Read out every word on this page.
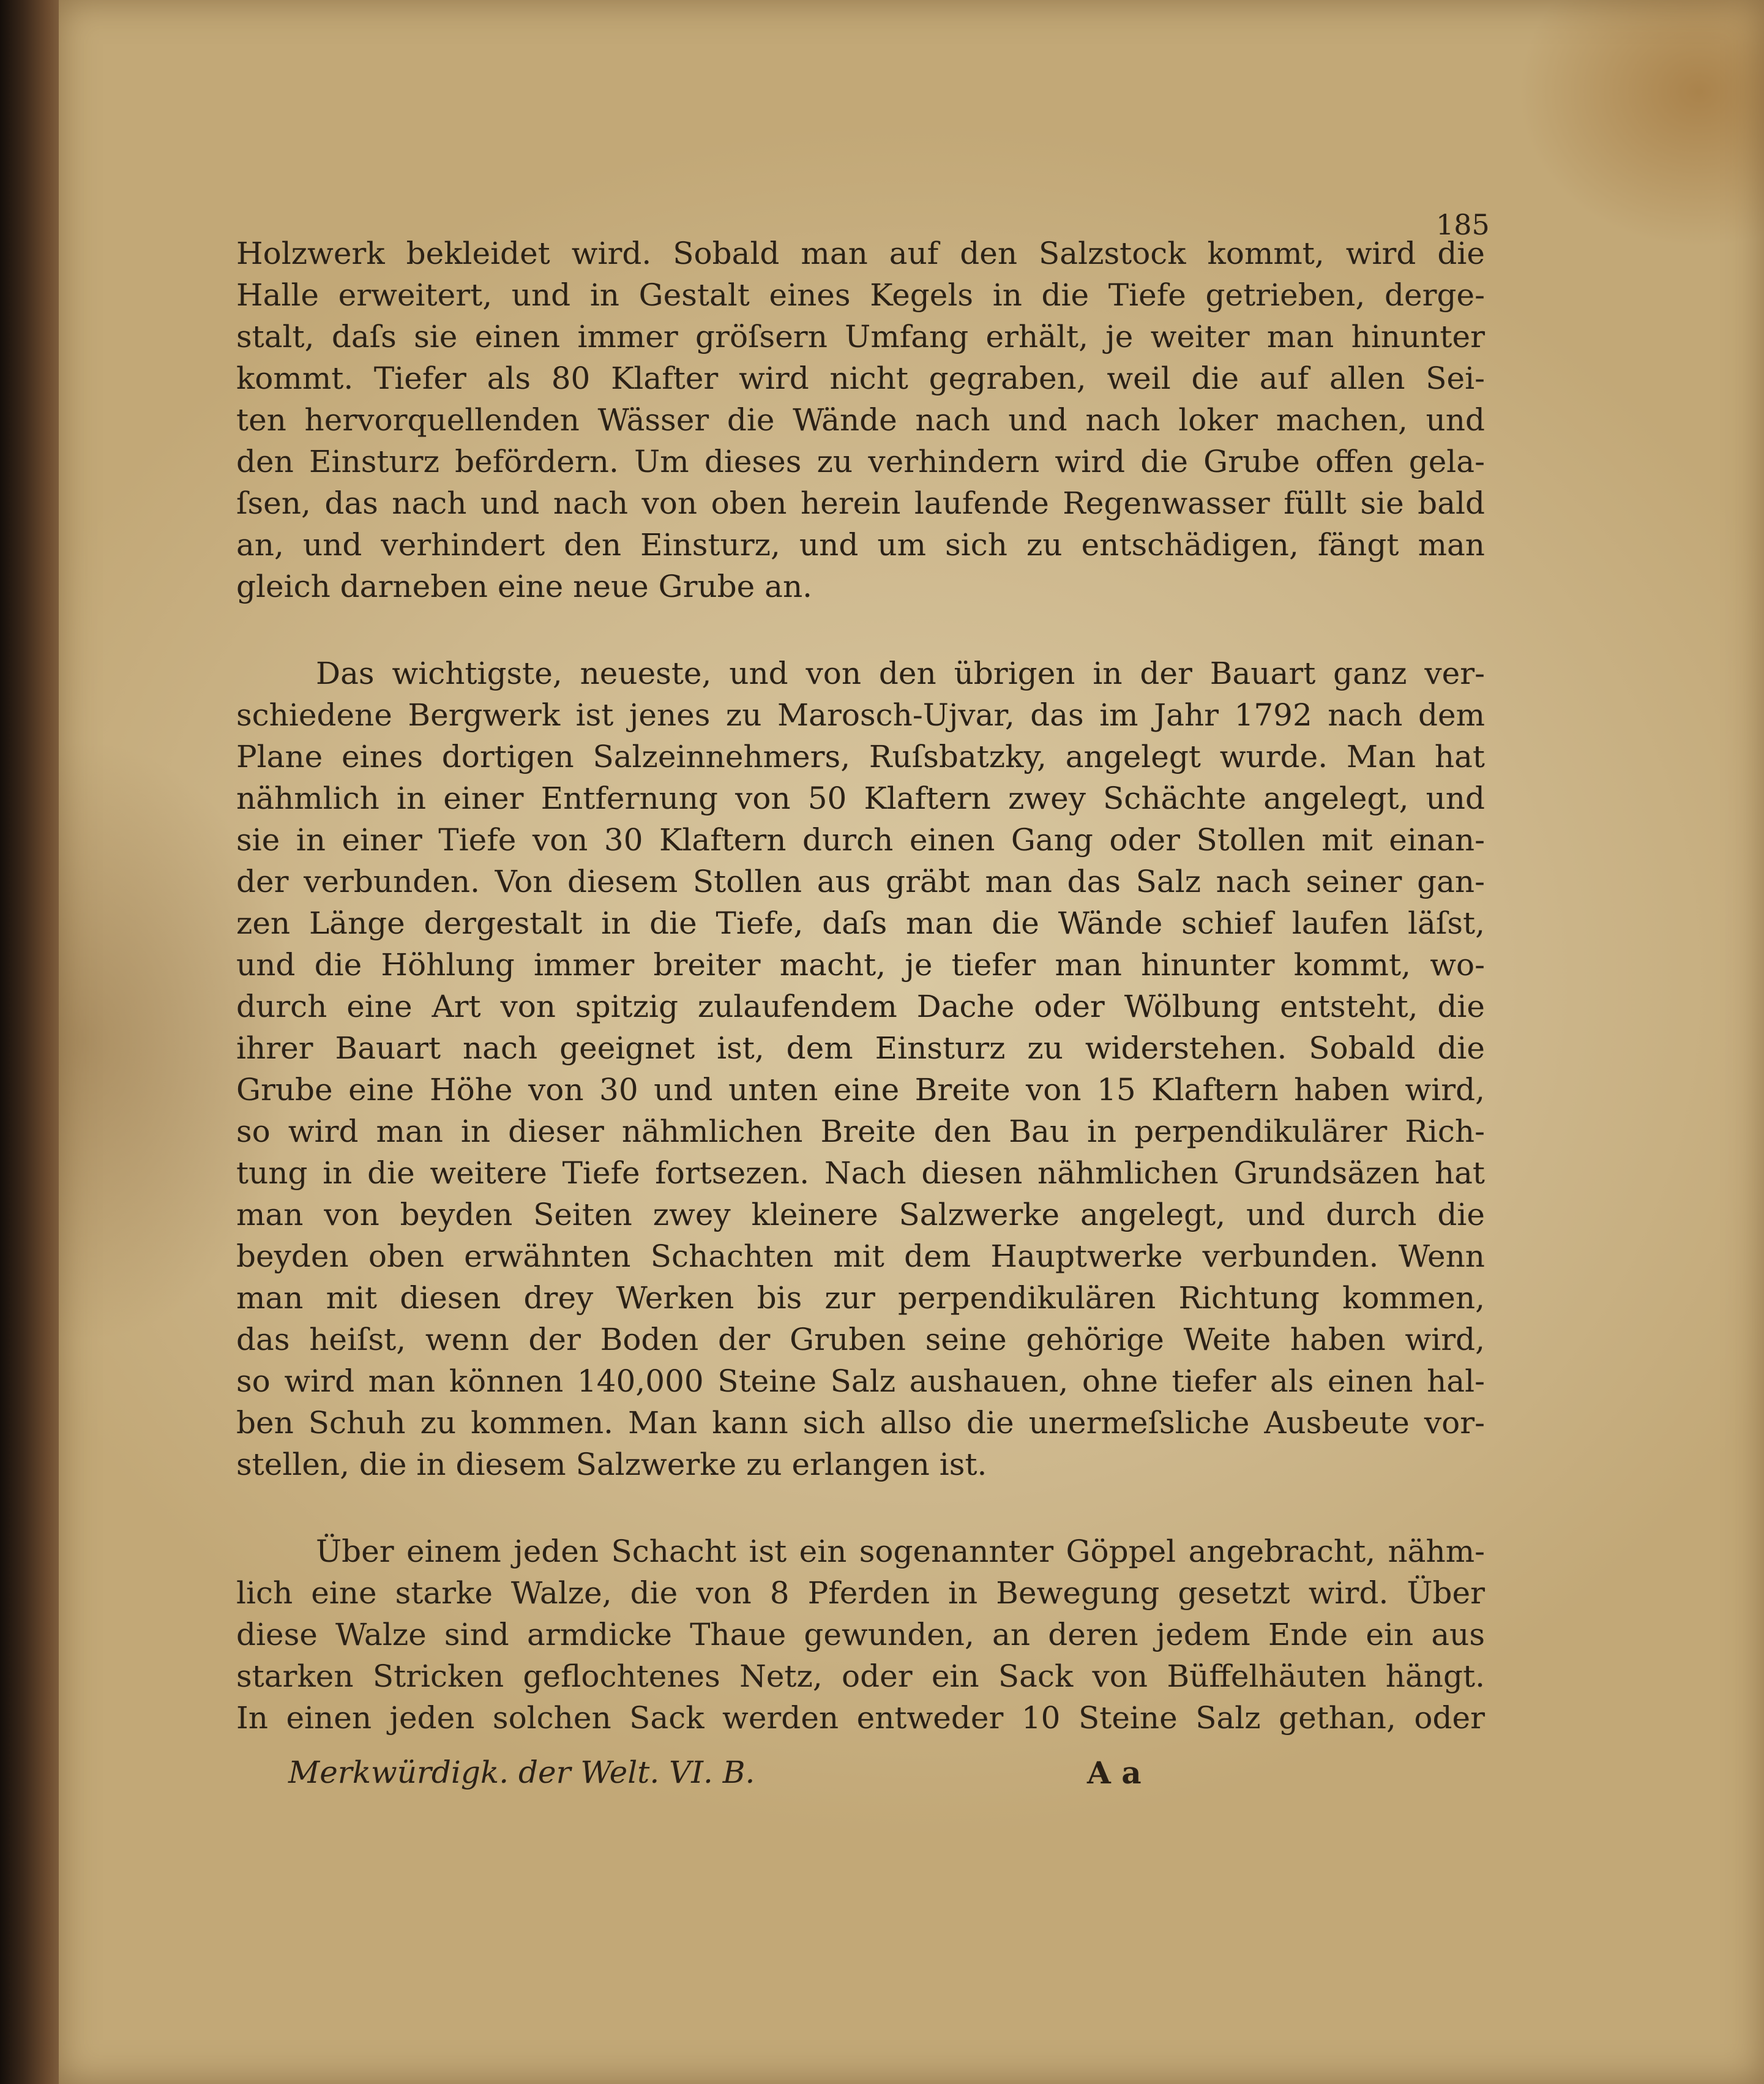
185
Holzwerk bekleidet wird. Sobald man auf den Salzstock kommt, wird die
Halle erweitert, und in Gestalt eines Kegels in die Tiefe getrieben, derge-
stalt, daſs sie einen immer gröſsern Umfang erhält, je weiter man hinunter
kommt. Tiefer als 80 Klafter wird nicht gegraben, weil die auf allen Sei-
ten hervorquellenden Wässer die Wände nach und nach loker machen, und
den Einsturz befördern. Um dieses zu verhindern wird die Grube offen gela-
ſsen, das nach und nach von oben herein laufende Regenwasser füllt sie bald
an, und verhindert den Einsturz, und um sich zu entschädigen, fängt man
gleich darneben eine neue Grube an.
Das wichtigste, neueste, und von den übrigen in der Bauart ganz ver-
schiedene Bergwerk ist jenes zu Marosch-Ujvar, das im Jahr 1792 nach dem
Plane eines dortigen Salzeinnehmers, Ruſsbatzky, angelegt wurde. Man hat
nähmlich in einer Entfernung von 50 Klaftern zwey Schächte angelegt, und
sie in einer Tiefe von 30 Klaftern durch einen Gang oder Stollen mit einan-
der verbunden. Von diesem Stollen aus gräbt man das Salz nach seiner gan-
zen Länge dergestalt in die Tiefe, daſs man die Wände schief laufen läſst,
und die Höhlung immer breiter macht, je tiefer man hinunter kommt, wo-
durch eine Art von spitzig zulaufendem Dache oder Wölbung entsteht, die
ihrer Bauart nach geeignet ist, dem Einsturz zu widerstehen. Sobald die
Grube eine Höhe von 30 und unten eine Breite von 15 Klaftern haben wird,
so wird man in dieser nähmlichen Breite den Bau in perpendikulärer Rich-
tung in die weitere Tiefe fortsezen. Nach diesen nähmlichen Grundsäzen hat
man von beyden Seiten zwey kleinere Salzwerke angelegt, und durch die
beyden oben erwähnten Schachten mit dem Hauptwerke verbunden. Wenn
man mit diesen drey Werken bis zur perpendikulären Richtung kommen,
das heiſst, wenn der Boden der Gruben seine gehörige Weite haben wird,
so wird man können 140,000 Steine Salz aushauen, ohne tiefer als einen hal-
ben Schuh zu kommen. Man kann sich allso die unermeſsliche Ausbeute vor-
stellen, die in diesem Salzwerke zu erlangen ist.
Über einem jeden Schacht ist ein sogenannter Göppel angebracht, nähm-
lich eine starke Walze, die von 8 Pferden in Bewegung gesetzt wird. Über
diese Walze sind armdicke Thaue gewunden, an deren jedem Ende ein aus
starken Stricken geflochtenes Netz, oder ein Sack von Büffelhäuten hängt.
In einen jeden solchen Sack werden entweder 10 Steine Salz gethan, oder
Merkwürdigk. der Welt. VI. B.	A a
